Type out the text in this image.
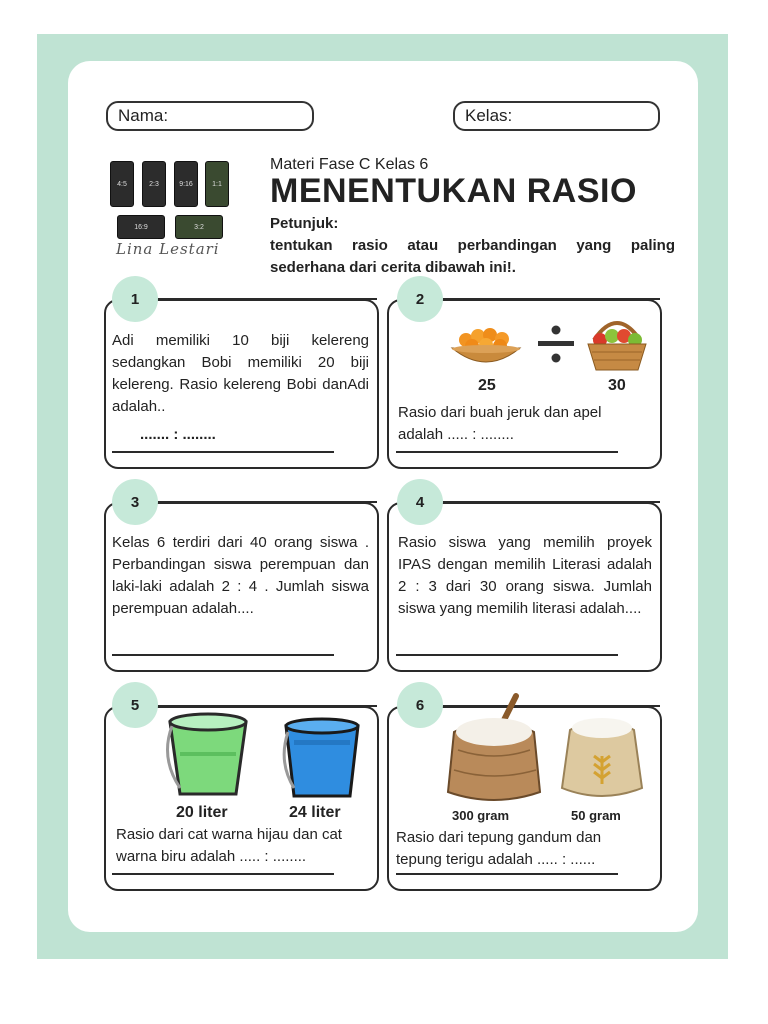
Nama:	Kelas:
4:5	2:3	9:16	1:1
16:9	3:2
Lina Lestari
Materi Fase C Kelas 6
MENENTUKAN RASIO
Petunjuk:
tentukan rasio atau perbandingan yang paling sederhana dari cerita dibawah ini!.
1
Adi memiliki 10 biji kelereng sedangkan Bobi memiliki 20 biji kelereng. Rasio kelereng Bobi danAdi adalah..
....... : ........
2
25	30
Rasio dari buah jeruk dan apel adalah ..... : ........
3
Kelas 6 terdiri dari 40 orang siswa . Perbandingan siswa perempuan dan laki-laki adalah 2 : 4 . Jumlah siswa perempuan adalah....
4
Rasio siswa yang memilih proyek IPAS dengan memilih Literasi adalah 2 : 3 dari 30 orang siswa. Jumlah siswa yang memilih literasi adalah....
5
20 liter	24 liter
Rasio dari cat warna hijau dan cat warna biru adalah ..... : ........
6
300 gram	50 gram
Rasio dari tepung gandum dan tepung terigu adalah ..... : ......
